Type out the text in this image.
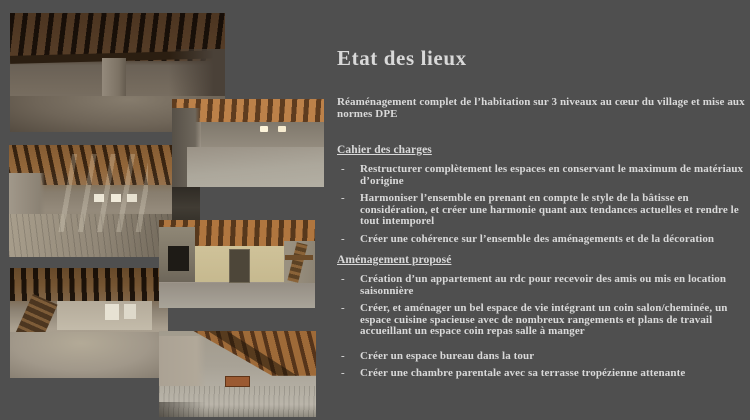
Etat des lieux

Réaménagement complet de l’habitation sur 3 niveaux au cœur du village et mise aux normes DPE

Cahier des charges
-	Restructurer complètement les espaces en conservant le maximum de matériaux d’origine
-	Harmoniser l’ensemble en prenant en compte le style de la bâtisse en considération, et créer une harmonie quant aux tendances actuelles et rendre le tout intemporel
-	Créer une cohérence sur l’ensemble des aménagements et de la décoration
Aménagement proposé
-	Création d’un appartement au rdc pour recevoir des amis ou mis en location saisonnière
-	Créer, et aménager un bel espace de vie intégrant un coin salon/cheminée, un espace cuisine spacieuse avec de nombreux rangements et plans de travail accueillant un espace coin repas salle à manger
-	Créer un espace bureau dans la tour
-	Créer une chambre parentale avec sa terrasse tropézienne attenante
